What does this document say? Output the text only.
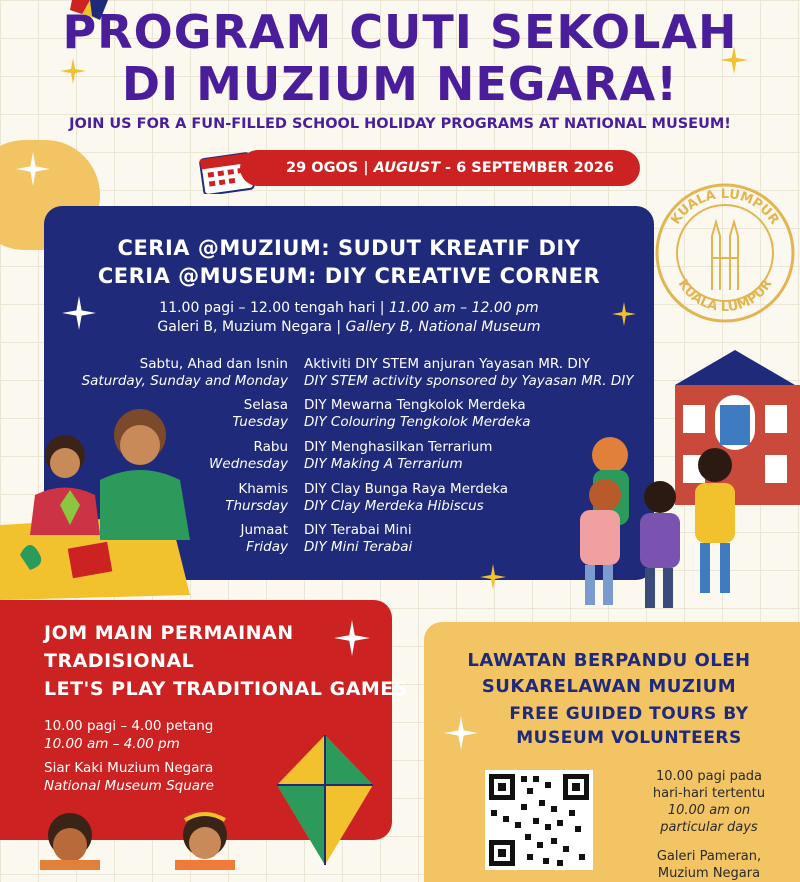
PROGRAM CUTI SEKOLAH
DI MUZIUM NEGARA!
JOIN US FOR A FUN-FILLED SCHOOL HOLIDAY PROGRAMS AT NATIONAL MUSEUM!
29 OGOS | AUGUST - 6 SEPTEMBER 2026
KUALA LUMPUR
KUALA LUMPUR
CERIA @MUZIUM: SUDUT KREATIF DIY
CERIA @MUSEUM: DIY CREATIVE CORNER
11.00 pagi – 12.00 tengah hari | 11.00 am – 12.00 pm
Galeri B, Muzium Negara | Gallery B, National Museum
Sabtu, Ahad dan Isnin
Saturday, Sunday and Monday
Aktiviti DIY STEM anjuran Yayasan MR. DIY
DIY STEM activity sponsored by Yayasan MR. DIY
Selasa
Tuesday
DIY Mewarna Tengkolok Merdeka
DIY Colouring Tengkolok Merdeka
Rabu
Wednesday
DIY Menghasilkan Terrarium
DIY Making A Terrarium
Khamis
Thursday
DIY Clay Bunga Raya Merdeka
DIY Clay Merdeka Hibiscus
Jumaat
Friday
DIY Terabai Mini
DIY Mini Terabai
JOM MAIN PERMAINAN
TRADISIONAL
LET'S PLAY TRADITIONAL GAMES
10.00 pagi – 4.00 petang
10.00 am – 4.00 pm
Siar Kaki Muzium Negara
National Museum Square
LAWATAN BERPANDU OLEH
SUKARELAWAN MUZIUM
FREE GUIDED TOURS BY
MUSEUM VOLUNTEERS
10.00 pagi pada
hari-hari tertentu
10.00 am on
particular days
Galeri Pameran,
Muzium Negara
